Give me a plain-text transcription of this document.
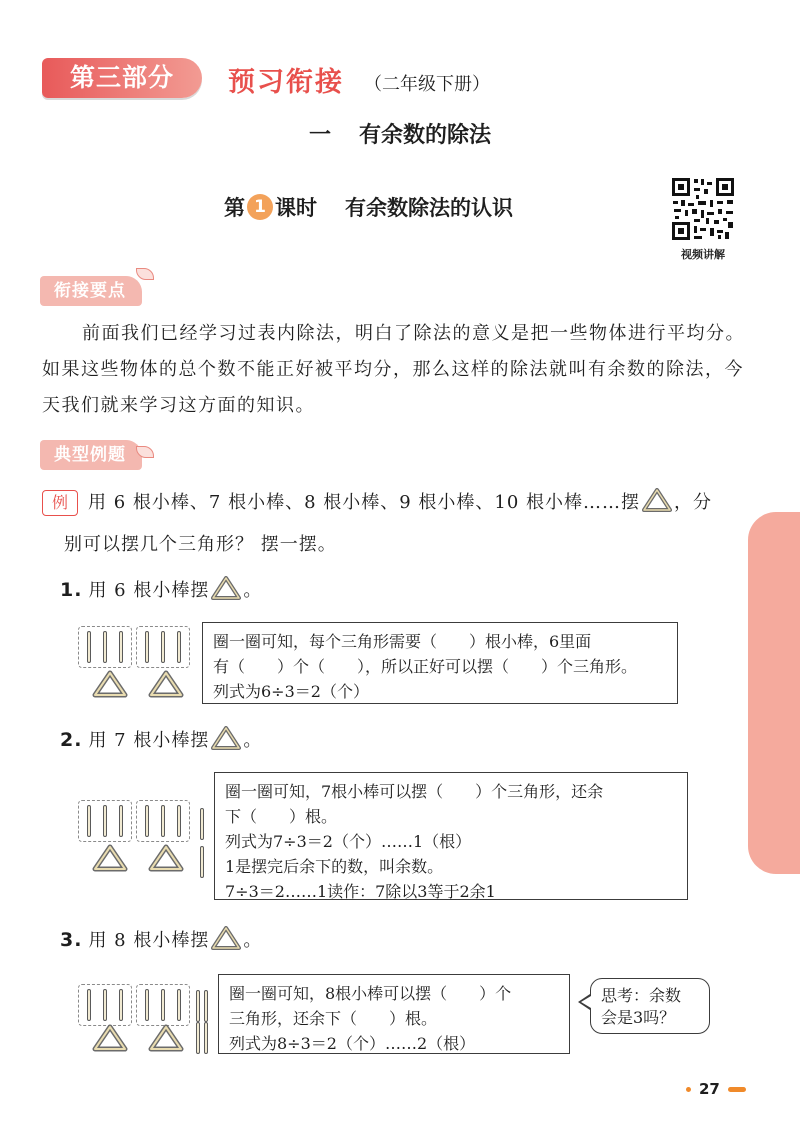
第三部分	预习衔接 （二年级下册）
一 有余数的除法
第 1 课时 有余数除法的认识
视频讲解
衔接要点
前面我们已经学习过表内除法，明白了除法的意义是把一些物体进行平均分。如果这些物体的总个数不能正好被平均分，那么这样的除法就叫有余数的除法，今天我们就来学习这方面的知识。
典型例题
例	用 6 根小棒、7 根小棒、8 根小棒、9 根小棒、10 根小棒……摆 ，分
别可以摆几个三角形？ 摆一摆。
1. 用 6 根小棒摆 。
圈一圈可知，每个三角形需要（　　）根小棒，6里面
有（　　）个（　　），所以正好可以摆（　　）个三角形。
列式为6÷3＝2（个）
2. 用 7 根小棒摆 。
圈一圈可知，7根小棒可以摆（　　）个三角形，还余
下（　　）根。
列式为7÷3＝2（个）……1（根）
1是摆完后余下的数，叫余数。
7÷3＝2……1读作：7除以3等于2余1
3. 用 8 根小棒摆 。
圈一圈可知，8根小棒可以摆（　　）个
三角形，还余下（　　）根。
列式为8÷3＝2（个）……2（根）
思考：余数
会是3吗？
27
